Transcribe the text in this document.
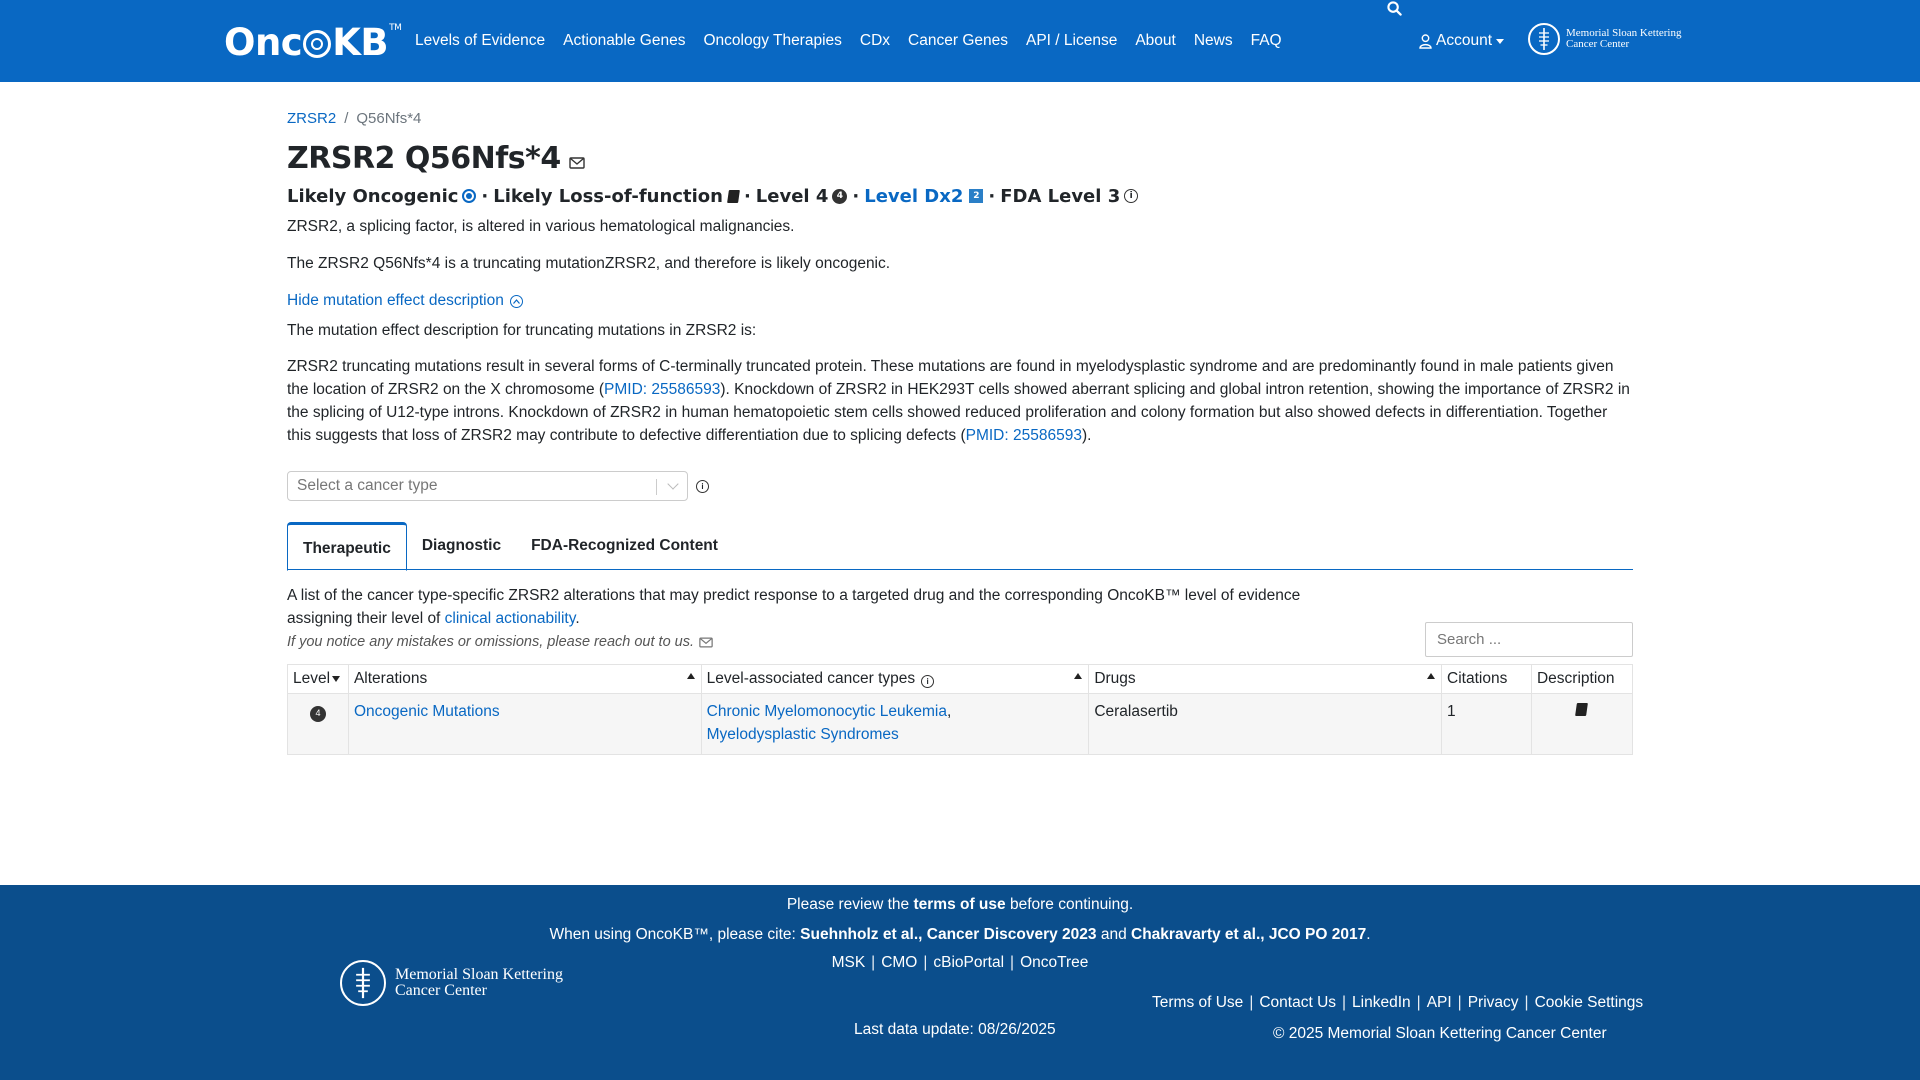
Onc KB TM
Levels of Evidence Actionable Genes Oncology Therapies CDx Cancer Genes API / License About News FAQ	Account	Memorial Sloan Kettering
Cancer Center
ZRSR2 / Q56Nfs*4
ZRSR2 Q56Nfs*4
Likely Oncogenic · Likely Loss-of-function · Level 4 4 · Level Dx2	2 · FDA Level 3	i

ZRSR2, a splicing factor, is altered in various hematological malignancies.

The ZRSR2 Q56Nfs*4 is a truncating mutationZRSR2, and therefore is likely oncogenic.

Hide mutation effect description

The mutation effect description for truncating mutations in ZRSR2 is:

ZRSR2 truncating mutations result in several forms of C-terminally truncated protein. These mutations are found in myelodysplastic syndrome and are predominantly found in male patients given the location of ZRSR2 on the X chromosome (PMID: 25586593). Knockdown of ZRSR2 in HEK293T cells showed aberrant splicing and global intron retention, showing the importance of ZRSR2 in the splicing of U12-type introns. Knockdown of ZRSR2 in human hematopoietic stem cells showed reduced proliferation and colony formation but also showed defects in differentiation. Together this suggests that loss of ZRSR2 may contribute to defective differentiation due to splicing defects (PMID: 25586593).

Select a cancer type	i
Therapeutic	Diagnostic	FDA-Recognized Content
A list of the cancer type-specific ZRSR2 alterations that may predict response to a targeted drug and the corresponding OncoKB™ level of evidence assigning their level of clinical actionability.
If you notice any mistakes or omissions, please reach out to us.	Search ...
Level	Alterations	Level-associated cancer types i	Drugs	Citations	Description
4	Oncogenic Mutations	Chronic Myelomonocytic Leukemia,
Myelodysplastic Syndromes	Ceralasertib	1	
Please review the terms of use before continuing.
When using OncoKB™, please cite: Suehnholz et al., Cancer Discovery 2023 and Chakravarty et al., JCO PO 2017.
MSK | CMO | cBioPortal | OncoTree
Memorial Sloan Kettering
Cancer Center
Last data update: 08/26/2025
Terms of Use | Contact Us | LinkedIn | API | Privacy | Cookie Settings
© 2025 Memorial Sloan Kettering Cancer Center
